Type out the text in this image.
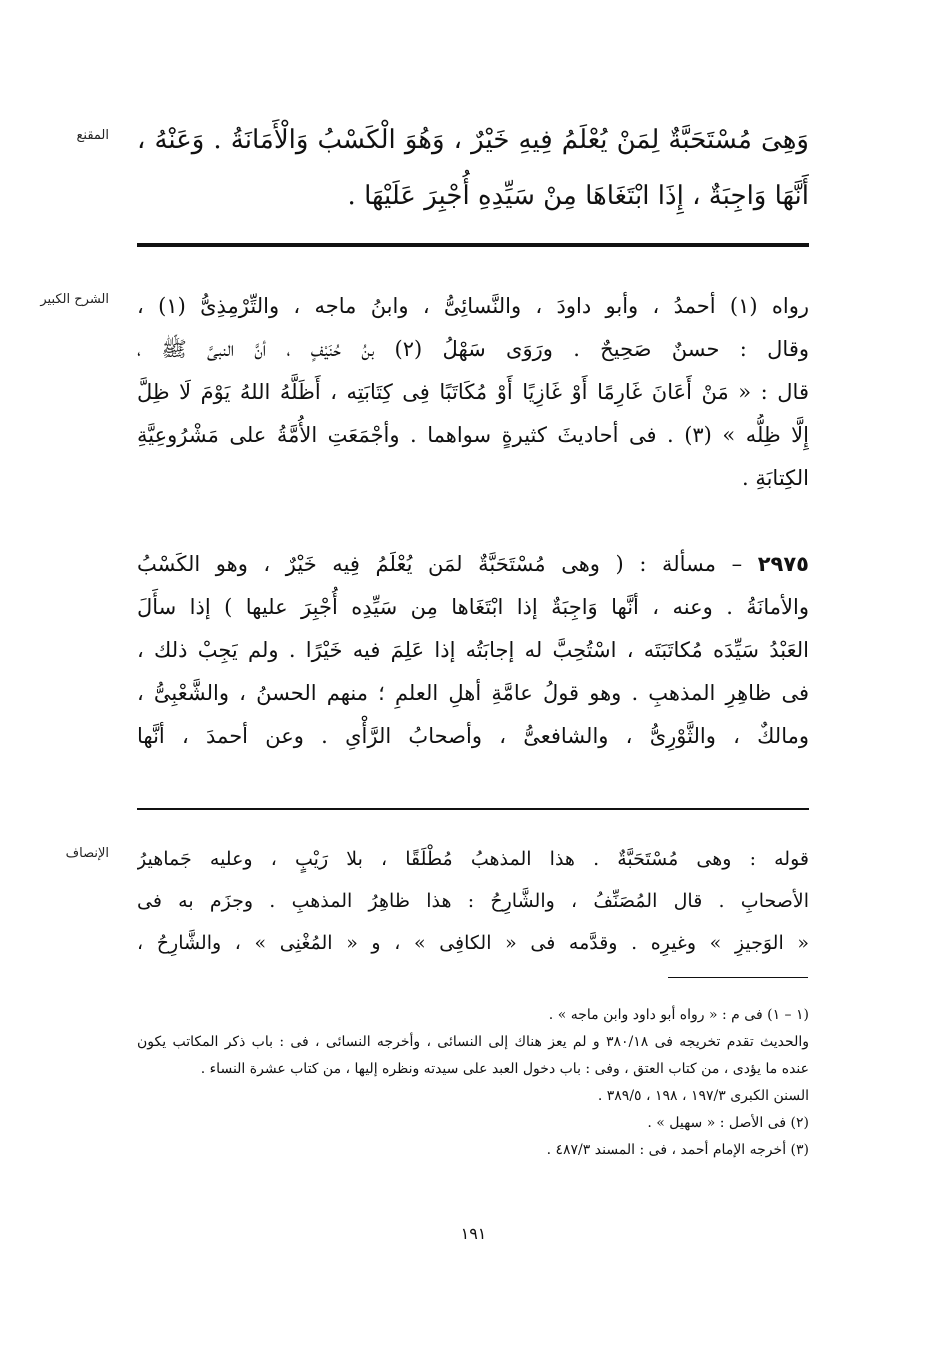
المقنع وَهِىَ مُسْتَحَبَّةٌ لِمَنْ يُعْلَمُ فِيهِ خَيْرٌ ، وَهُوَ الْكَسْبُ وَالْأَمَانَةُ . وَعَنْهُ ،
أَنَّهَا وَاجِبَةٌ ، إِذَا ابْتَغَاهَا مِنْ سَيِّدِهِ أُجْبِرَ عَلَيْهَا .
الشرح الكبير رواه (١) أحمدُ ، وأبو داودَ ، والنَّسائِىُّ ، وابنُ ماجه ، والتِّرْمِذِىُّ (١) ،
وقال : حسنٌ صَحِيحٌ . ورَوَى سَهْلُ (٢) بنُ حُنَيْفٍ ، أنَّ النبىَّ ﷺ ،
قال : « مَنْ أَعَانَ غَارِمًا أَوْ غَازِيًا أَوْ مُكَاتَبًا فِى كِتَابَتِه ، أَظَلَّهُ اللهُ يَوْمَ لَا ظِلَّ
إِلَّا ظِلُّه » (٣) . فى أحاديثَ كثيرةٍ سواهما . وأجْمَعَتِ الأُمَّةُ على مَشْرُوعِيَّةِ
الكِتابَةِ .
٢٩٧٥ – مسألة : ( وهى مُسْتَحَبَّةٌ لمَن يُعْلَمُ فِيه خَيْرٌ ، وهو الكَسْبُ
والأمانَةُ . وعنه ، أنَّها وَاجِبَةٌ إذا ابْتَغَاها مِن سَيِّدِه أُجْبِرَ عليها ) إذا سأَلَ
العَبْدُ سَيِّدَه مُكاتَبَتَه ، اسْتُحِبَّ له إجابَتُه إذا عَلِمَ فيه خَيْرًا . ولم يَجِبْ ذلك ،
فى ظاهِرِ المذهبِ . وهو قولُ عامَّةِ أهلِ العلمِ ؛ منهم الحسنُ ، والشَّعْبِىُّ ،
ومالكٌ ، والثَّوْرِىُّ ، والشافعىُّ ، وأصحابُ الرَّأْىِ . وعن أحمدَ ، أنَّها
الإنصاف قوله : وهى مُسْتَحَبَّةٌ . هذا المذهبُ مُطْلَقًا ، بلا رَيْبٍ ، وعليه جَماهيرُ
الأصحابِ . قال المُصَنِّفُ ، والشَّارِحُ : هذا ظاهِرُ المذهبِ . وجزَم به فى
« الوَجيزِ » وغيرِه . وقدَّمه فى « الكافِى » ، و « المُغْنِى » ، والشَّارِحُ ،
(١ – ١) فى م : « رواه أبو داود وابن ماجه » .
والحديث تقدم تخريجه فى ٣٨٠/١٨ و لم يعز هناك إلى النسائى ، وأخرجه النسائى ، فى : باب ذكر المكاتب يكون
عنده ما يؤدى ، من كتاب العتق ، وفى : باب دخول العبد على سيدته ونظره إليها ، من كتاب عشرة النساء .
السنن الكبرى ١٩٧/٣ ، ١٩٨ ، ٣٨٩/٥ .
(٢) فى الأصل : « سهيل » .
(٣) أخرجه الإمام أحمد ، فى : المسند ٤٨٧/٣ .
١٩١
